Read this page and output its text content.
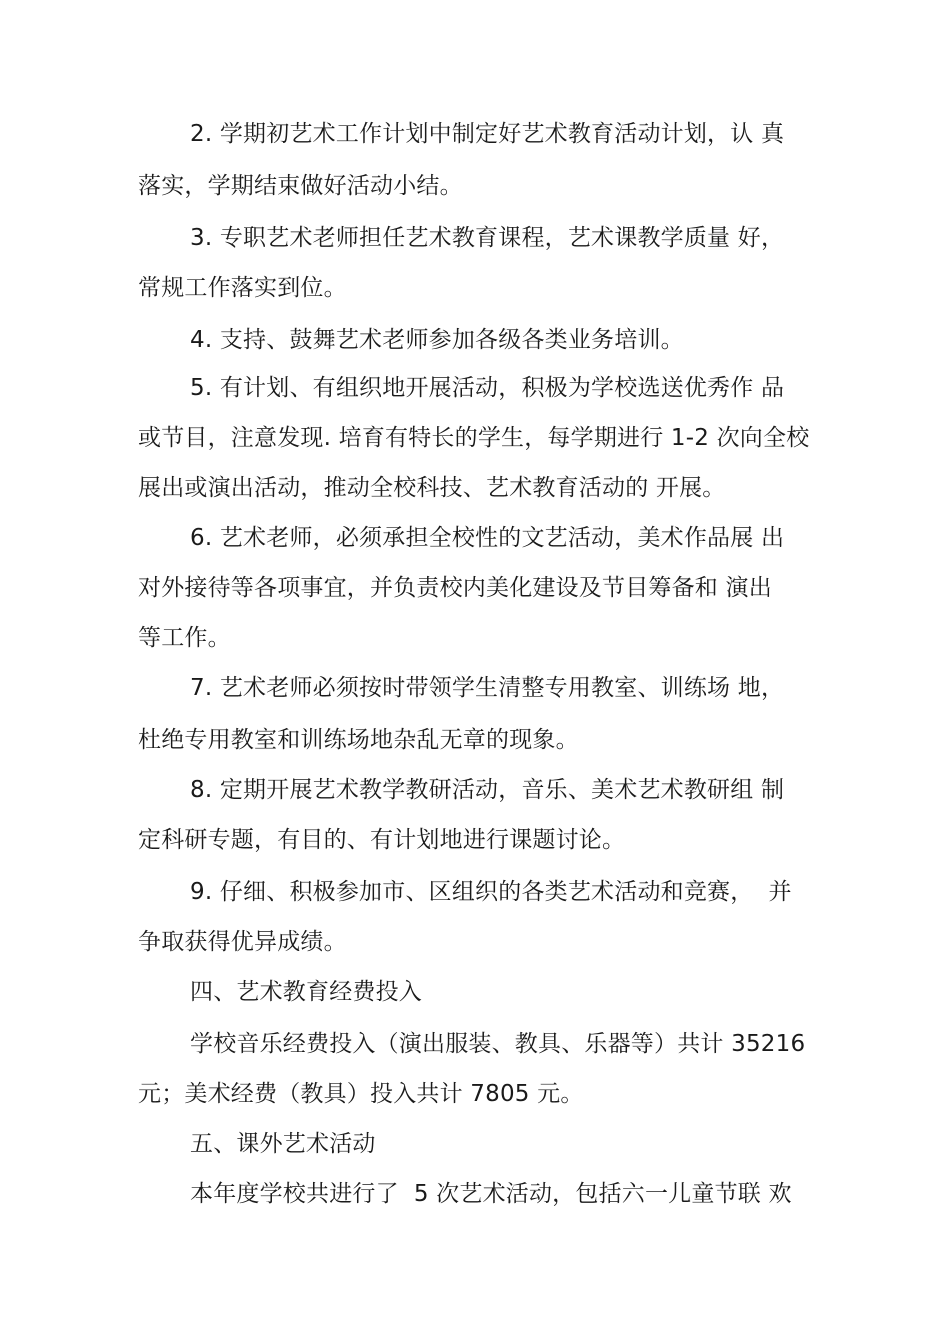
2. 学期初艺术工作计划中制定好艺术教育活动计划，认 真
落实，学期结束做好活动小结。
3. 专职艺术老师担任艺术教育课程，艺术课教学质量 好，
常规工作落实到位。
4. 支持、鼓舞艺术老师参加各级各类业务培训。
5. 有计划、有组织地开展活动，积极为学校选送优秀作 品
或节目，注意发现. 培育有特长的学生，每学期进行 1-2 次向全校
展出或演出活动，推动全校科技、艺术教育活动的 开展。
6. 艺术老师，必须承担全校性的文艺活动，美术作品展 出
对外接待等各项事宜，并负责校内美化建设及节目筹备和 演出
等工作。
7. 艺术老师必须按时带领学生清整专用教室、训练场 地，
杜绝专用教室和训练场地杂乱无章的现象。
8. 定期开展艺术教学教研活动，音乐、美术艺术教研组 制
定科研专题，有目的、有计划地进行课题讨论。
9. 仔细、积极参加市、区组织的各类艺术活动和竞赛，  并
争取获得优异成绩。
四、艺术教育经费投入
学校音乐经费投入（演出服装、教具、乐器等）共计 35216
元；美术经费（教具）投入共计 7805 元。
五、课外艺术活动
本年度学校共进行了  5 次艺术活动，包括六一儿童节联 欢
